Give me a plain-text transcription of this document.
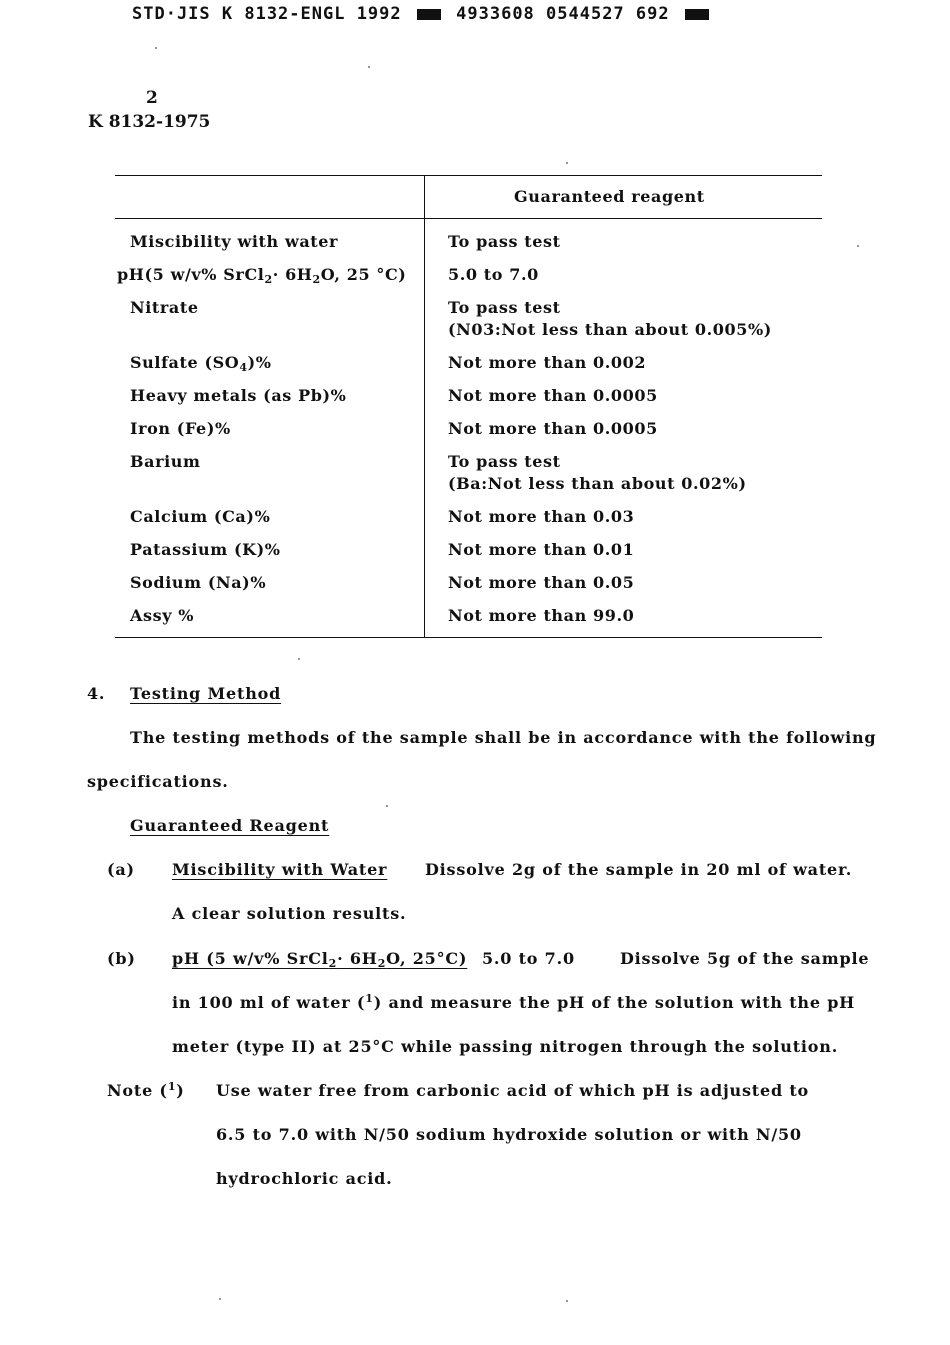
STD·JIS K 8132-ENGL 1992	4933608 0544527 692
2
K 8132-1975
Guaranteed reagent
Miscibility with water	To pass test
pH(5 w/v% SrCl$_2$· $6H_2O$, 25 °C)	5.0 to 7.0
Nitrate	To pass test
(N03:Not less than about 0.005%)
Sulfate $(SO_4)\%$	Not more than 0.002
Heavy metals (as Pb)%	Not more than 0.0005
Iron (Fe)%	Not more than 0.0005
Barium	To pass test
(Ba:Not less than about 0.02%)
Calcium (Ca)%	Not more than 0.03
Patassium (K)%	Not more than 0.01
Sodium (Na)%	Not more than 0.05
Assy %	Not more than 99.0
4. Testing Method
The testing methods of the sample shall be in accordance with the following
specifications.
Guaranteed Reagent
(a) Miscibility with Water Dissolve 2g of the sample in 20 ml of water.
A clear solution results.
(b) pH (5 w/v% SrCl$_2$· $6H_2O$, 25°C) 5.0 to 7.0	Dissolve 5g of the sample
in 100 ml of water ($^1$) and measure the pH of the solution with the pH
meter (type II) at 25°C while passing nitrogen through the solution.
Note ($^1$) Use water free from carbonic acid of which pH is adjusted to
6.5 to 7.0 with N/50 sodium hydroxide solution or with N/50
hydrochloric acid.
